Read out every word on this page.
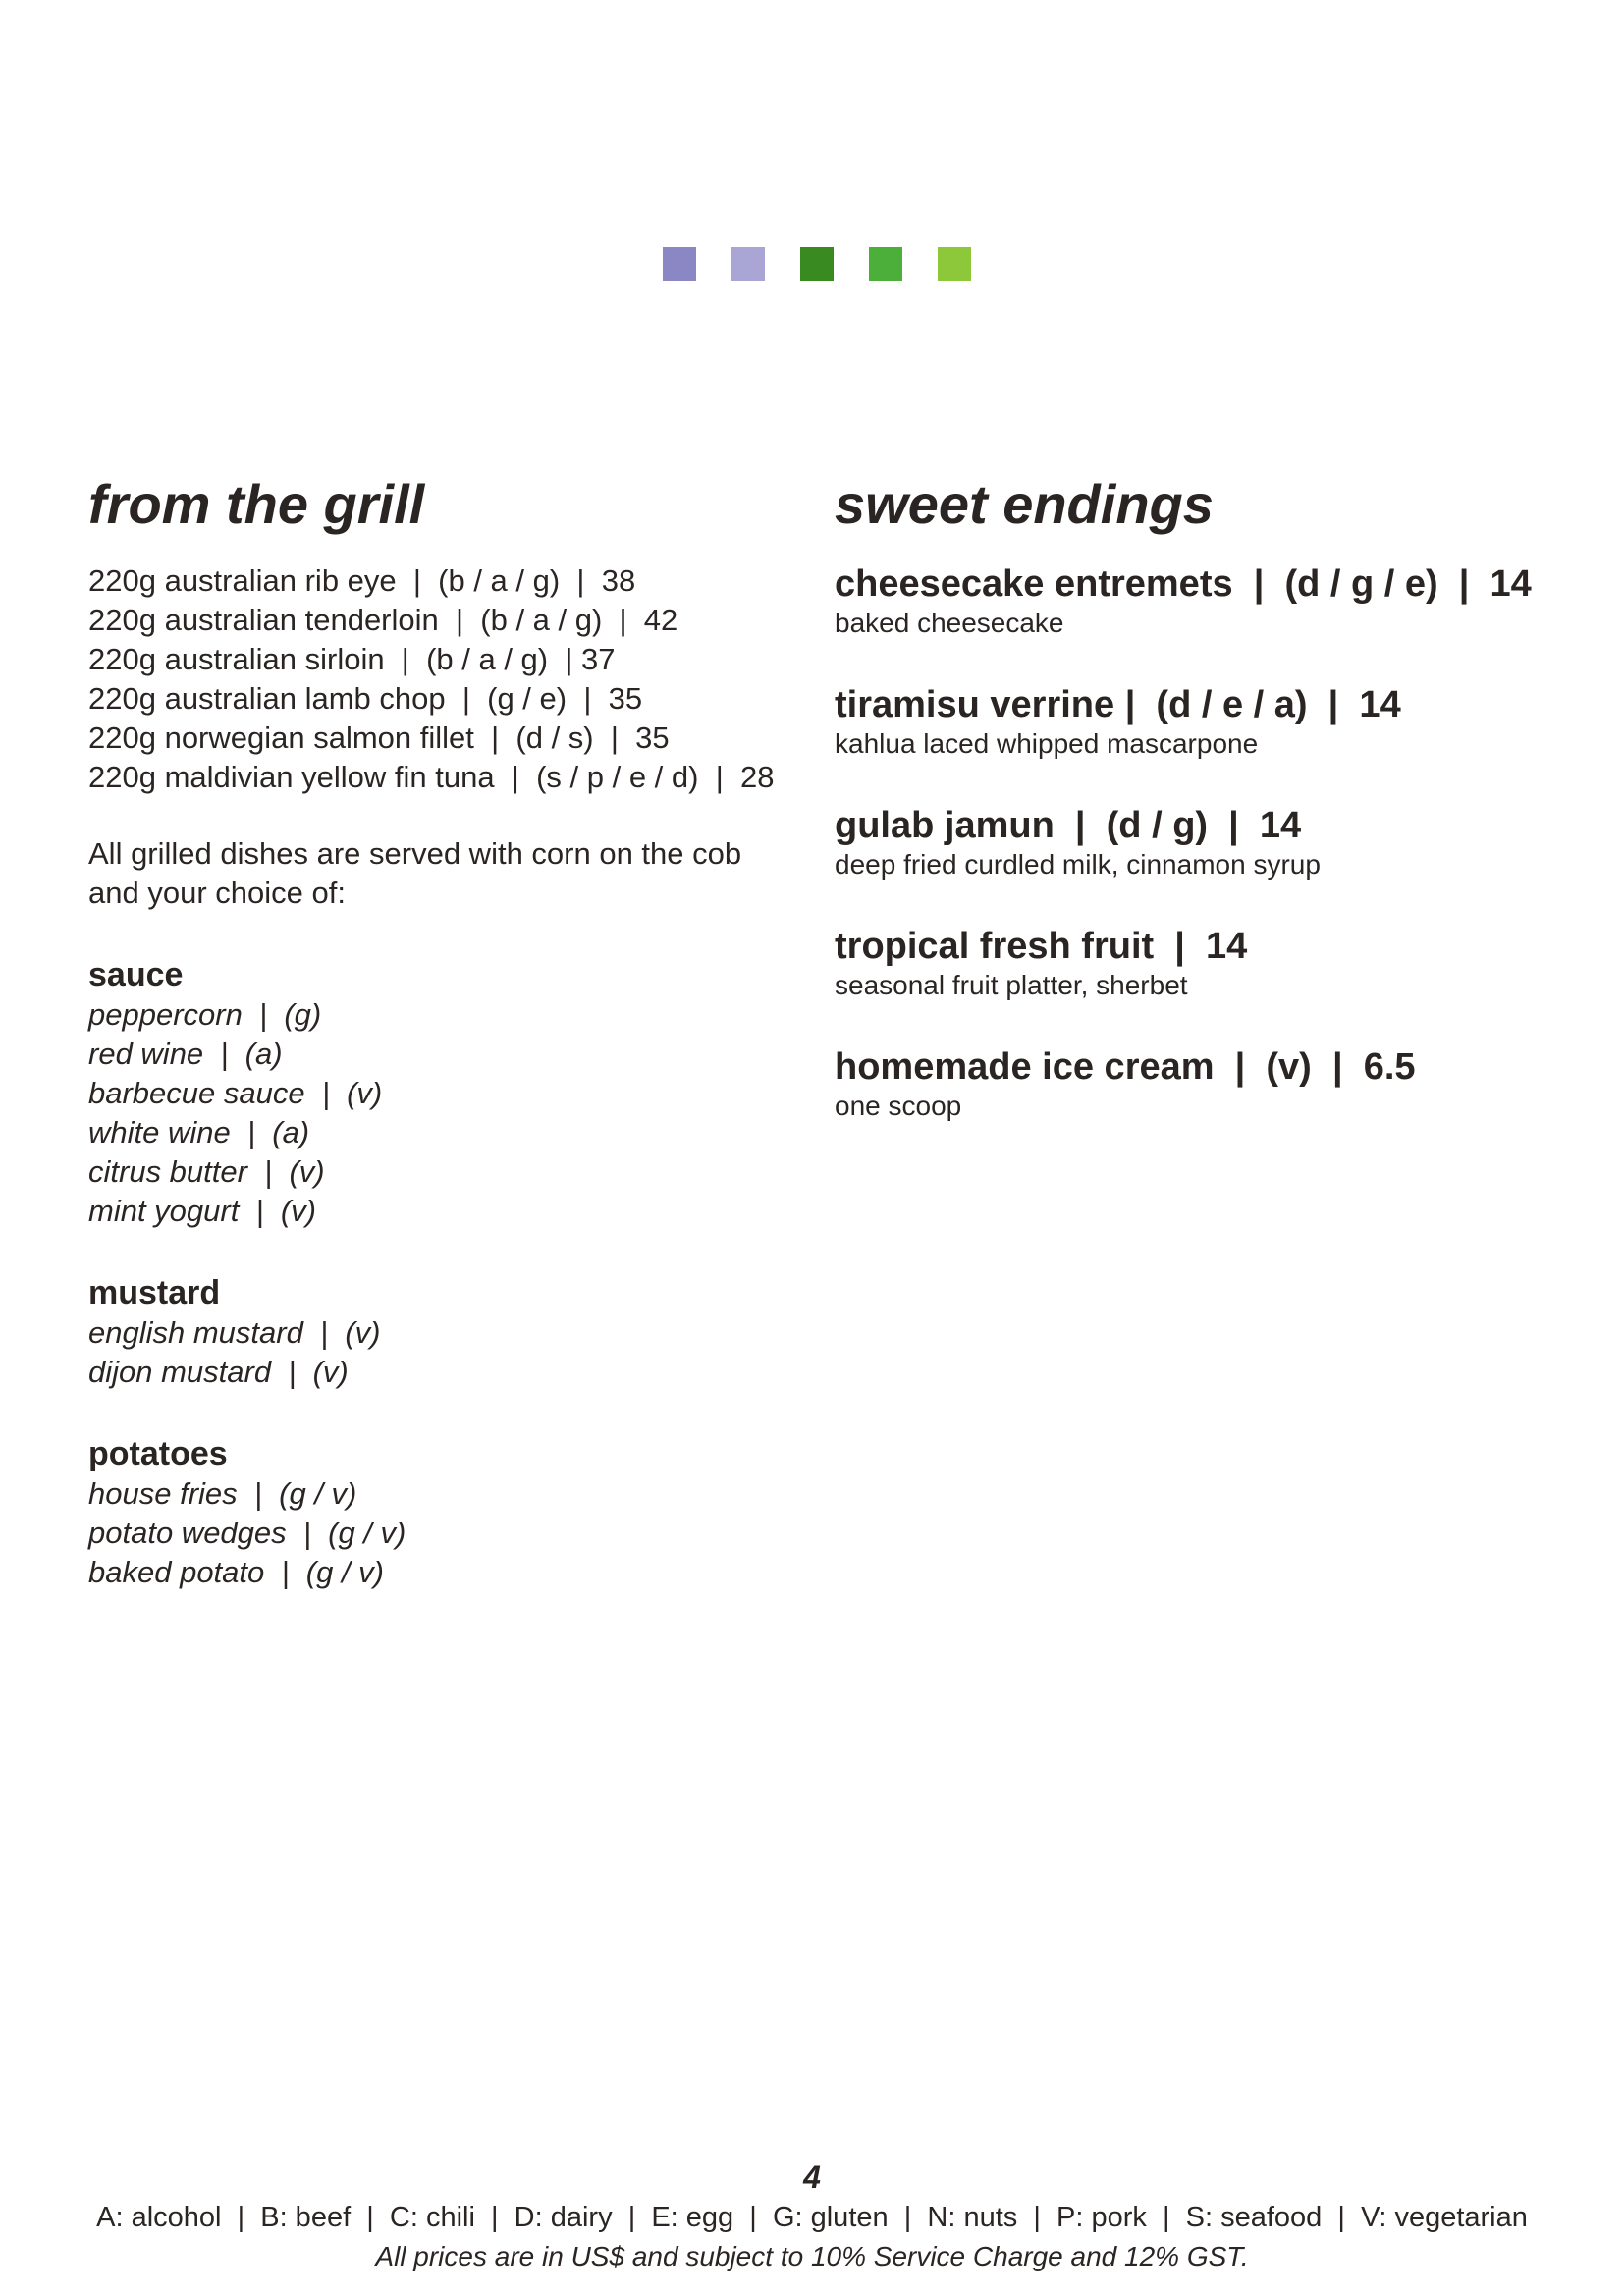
from the grill
220g australian rib eye  |  (b / a / g)  |  38
220g australian tenderloin  |  (b / a / g)  |  42
220g australian sirloin  |  (b / a / g)  | 37
220g australian lamb chop  |  (g / e)  |  35
220g norwegian salmon fillet  |  (d / s)  |  35
220g maldivian yellow fin tuna  |  (s / p / e / d)  |  28
All grilled dishes are served with corn on the cob
and your choice of:
sauce
peppercorn  |  (g)
red wine  |  (a)
barbecue sauce  |  (v)
white wine  |  (a)
citrus butter  |  (v)
mint yogurt  |  (v)
mustard
english mustard  |  (v)
dijon mustard  |  (v)
potatoes
house fries  |  (g / v)
potato wedges  |  (g / v)
baked potato  |  (g / v)
sweet endings
cheesecake entremets  |  (d / g / e)  |  14
baked cheesecake
tiramisu verrine |  (d / e / a)  |  14
kahlua laced whipped mascarpone
gulab jamun  |  (d / g)  |  14
deep fried curdled milk, cinnamon syrup
tropical fresh fruit  |  14
seasonal fruit platter, sherbet
homemade ice cream  |  (v)  |  6.5
one scoop
4
A: alcohol  |  B: beef  |  C: chili  |  D: dairy  |  E: egg  |  G: gluten  |  N: nuts  |  P: pork  |  S: seafood  |  V: vegetarian
All prices are in US$ and subject to 10% Service Charge and 12% GST.
